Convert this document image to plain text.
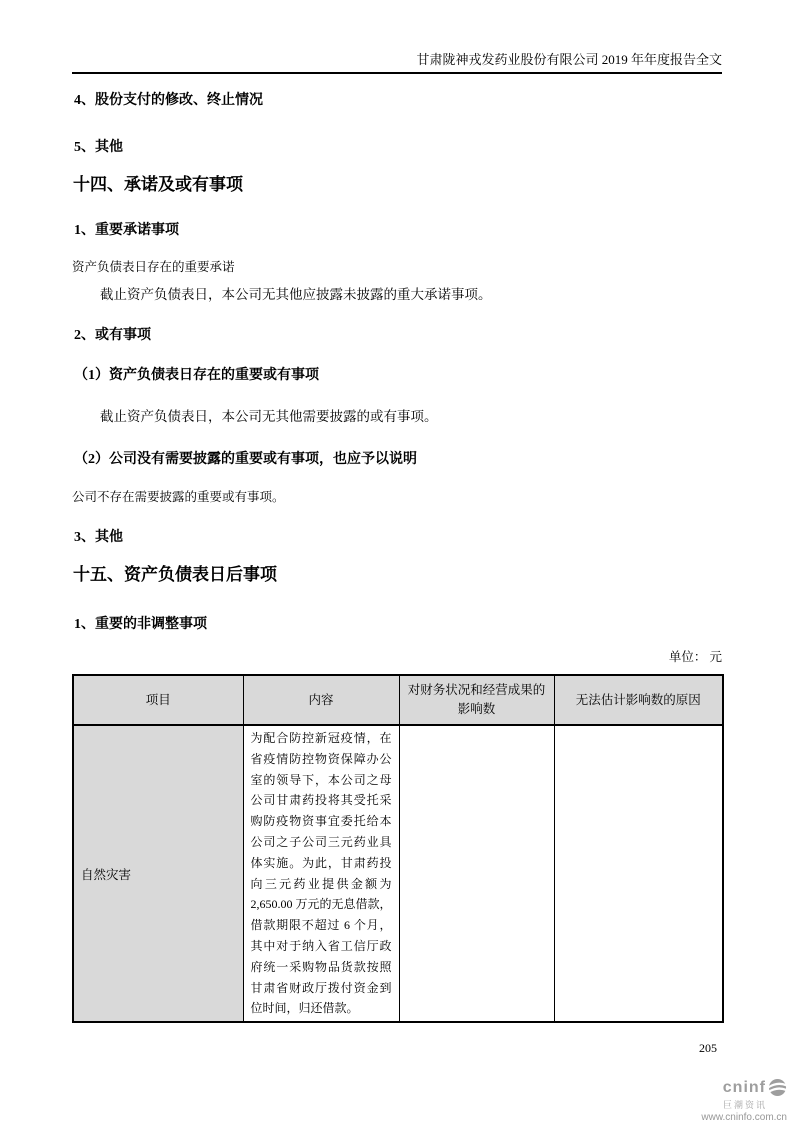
甘肃陇神戎发药业股份有限公司 2019 年年度报告全文
4、股份支付的修改、终止情况
5、其他
十四、承诺及或有事项
1、重要承诺事项
资产负债表日存在的重要承诺
截止资产负债表日，本公司无其他应披露未披露的重大承诺事项。
2、或有事项
（1）资产负债表日存在的重要或有事项
截止资产负债表日，本公司无其他需要披露的或有事项。
（2）公司没有需要披露的重要或有事项，也应予以说明
公司不存在需要披露的重要或有事项。
3、其他
十五、资产负债表日后事项
1、重要的非调整事项
单位： 元
项目	内容	对财务状况和经营成果的影响数	无法估计影响数的原因
自然灾害	为配合防控新冠疫情，在省疫情防控物资保障办公室的领导下，本公司之母公司甘肃药投将其受托采购防疫物资事宜委托给本公司之子公司三元药业具体实施。为此，甘肃药投向三元药业提供金额为 2,650.00 万元的无息借款，借款期限不超过 6 个月，其中对于纳入省工信厅政府统一采购物品货款按照甘肃省财政厅拨付资金到位时间，归还借款。		
205
cninf
巨潮资讯
www.cninfo.com.cn
